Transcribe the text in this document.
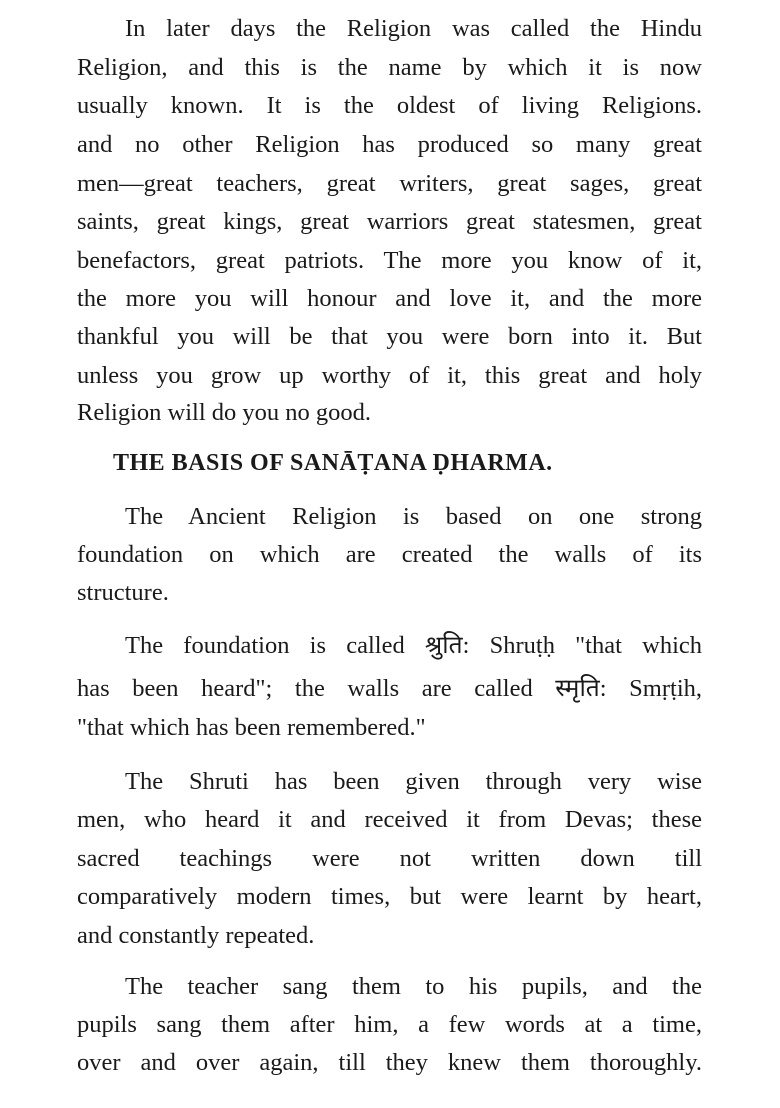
In later days the Religion was called the Hindu
Religion, and this is the name by which it is now
usually known. It is the oldest of living Religions.
and no other Religion has produced so many great
men—great teachers, great writers, great sages, great
saints, great kings, great warriors great statesmen, great
benefactors, great patriots. The more you know of it,
the more you will honour and love it, and the more
thankful you will be that you were born into it. But
unless you grow up worthy of it, this great and holy
Religion will do you no good.
The Ancient Religion is based on one strong
foundation on which are created the walls of its
structure.
The foundation is called श्रुति: Shruṭḥ "that which
has been heard"; the walls are called स्मृति: Smṛṭih,
"that which has been remembered."
The Shruti has been given through very wise
men, who heard it and received it from Devas; these
sacred teachings were not written down till
comparatively modern times, but were learnt by heart,
and constantly repeated.
The teacher sang them to his pupils, and the
pupils sang them after him, a few words at a time,
over and over again, till they knew them thoroughly.
THE BASIS OF SANĀṬANA ḌHARMA.
